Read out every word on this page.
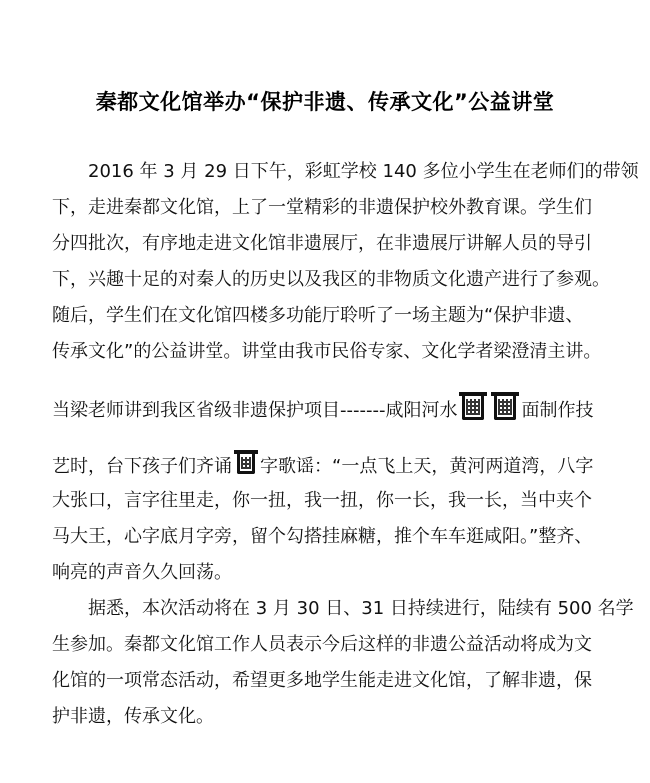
秦都文化馆举办“保护非遗、传承文化”公益讲堂
2016 年 3 月 29 日下午，彩虹学校 140 多位小学生在老师们的带领
下，走进秦都文化馆，上了一堂精彩的非遗保护校外教育课。学生们
分四批次，有序地走进文化馆非遗展厅，在非遗展厅讲解人员的导引
下，兴趣十足的对秦人的历史以及我区的非物质文化遗产进行了参观。
随后，学生们在文化馆四楼多功能厅聆听了一场主题为“保护非遗、
传承文化”的公益讲堂。讲堂由我市民俗专家、文化学者梁澄清主讲。
当梁老师讲到我区省级非遗保护项目-------咸阳河水	面制作技
艺时，台下孩子们齐诵 字歌谣：“一点飞上天，黄河两道湾，八字
大张口，言字往里走，你一扭，我一扭，你一长，我一长，当中夹个
马大王，心字底月字旁，留个勾搭挂麻糖，推个车车逛咸阳。”整齐、
响亮的声音久久回荡。
据悉，本次活动将在 3 月 30 日、31 日持续进行，陆续有 500 名学
生参加。秦都文化馆工作人员表示今后这样的非遗公益活动将成为文
化馆的一项常态活动，希望更多地学生能走进文化馆，了解非遗，保
护非遗，传承文化。
